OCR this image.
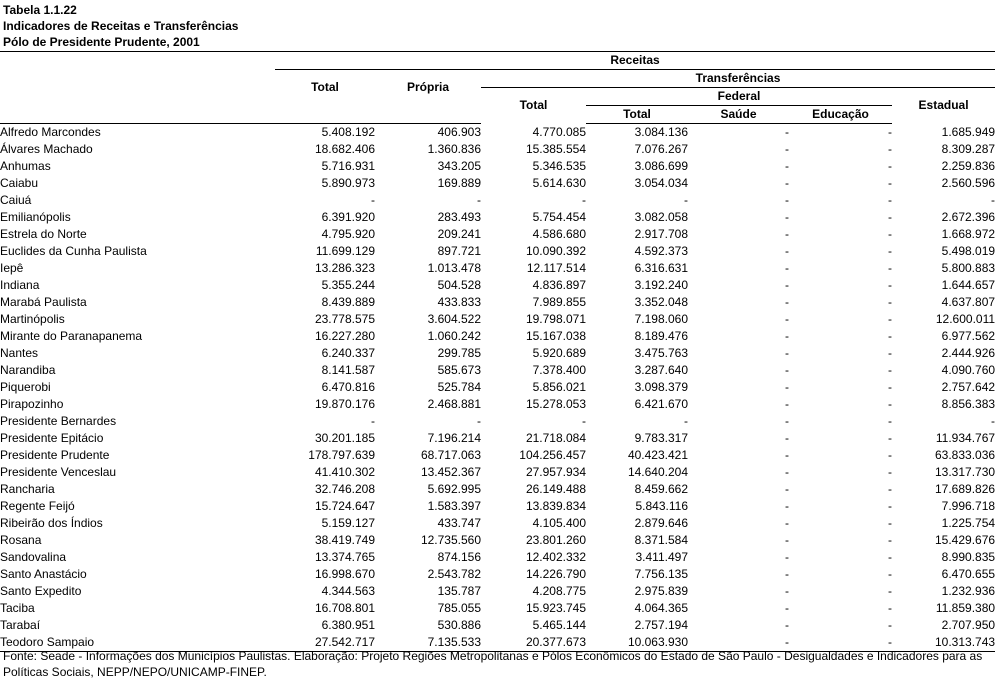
Tabela 1.1.22
Indicadores de Receitas e Transferências
Pólo de Presidente Prudente, 2001
	Receitas						
	Total	Própria	Transferências				
			Total	Federal			Estadual
				Total	Saúde	Educação	
Alfredo Marcondes	5.408.192	406.903	4.770.085	3.084.136	-	-	1.685.949
Álvares Machado	18.682.406	1.360.836	15.385.554	7.076.267	-	-	8.309.287
Anhumas	5.716.931	343.205	5.346.535	3.086.699	-	-	2.259.836
Caiabu	5.890.973	169.889	5.614.630	3.054.034	-	-	2.560.596
Caiuá	-	-	-	-	-	-	-
Emilianópolis	6.391.920	283.493	5.754.454	3.082.058	-	-	2.672.396
Estrela do Norte	4.795.920	209.241	4.586.680	2.917.708	-	-	1.668.972
Euclides da Cunha Paulista	11.699.129	897.721	10.090.392	4.592.373	-	-	5.498.019
Iepê	13.286.323	1.013.478	12.117.514	6.316.631	-	-	5.800.883
Indiana	5.355.244	504.528	4.836.897	3.192.240	-	-	1.644.657
Marabá Paulista	8.439.889	433.833	7.989.855	3.352.048	-	-	4.637.807
Martinópolis	23.778.575	3.604.522	19.798.071	7.198.060	-	-	12.600.011
Mirante do Paranapanema	16.227.280	1.060.242	15.167.038	8.189.476	-	-	6.977.562
Nantes	6.240.337	299.785	5.920.689	3.475.763	-	-	2.444.926
Narandiba	8.141.587	585.673	7.378.400	3.287.640	-	-	4.090.760
Piquerobi	6.470.816	525.784	5.856.021	3.098.379	-	-	2.757.642
Pirapozinho	19.870.176	2.468.881	15.278.053	6.421.670	-	-	8.856.383
Presidente Bernardes	-	-	-	-	-	-	-
Presidente Epitácio	30.201.185	7.196.214	21.718.084	9.783.317	-	-	11.934.767
Presidente Prudente	178.797.639	68.717.063	104.256.457	40.423.421	-	-	63.833.036
Presidente Venceslau	41.410.302	13.452.367	27.957.934	14.640.204	-	-	13.317.730
Rancharia	32.746.208	5.692.995	26.149.488	8.459.662	-	-	17.689.826
Regente Feijó	15.724.647	1.583.397	13.839.834	5.843.116	-	-	7.996.718
Ribeirão dos Índios	5.159.127	433.747	4.105.400	2.879.646	-	-	1.225.754
Rosana	38.419.749	12.735.560	23.801.260	8.371.584	-	-	15.429.676
Sandovalina	13.374.765	874.156	12.402.332	3.411.497	-	-	8.990.835
Santo Anastácio	16.998.670	2.543.782	14.226.790	7.756.135	-	-	6.470.655
Santo Expedito	4.344.563	135.787	4.208.775	2.975.839	-	-	1.232.936
Taciba	16.708.801	785.055	15.923.745	4.064.365	-	-	11.859.380
Tarabaí	6.380.951	530.886	5.465.144	2.757.194	-	-	2.707.950
Teodoro Sampaio	27.542.717	7.135.533	20.377.673	10.063.930	-	-	10.313.743
Fonte: Seade - Informações dos Municípios Paulistas. Elaboração: Projeto Regiões Metropolitanas e Pólos Econômicos do Estado de São Paulo - Desigualdades e Indicadores para as Políticas Sociais, NEPP/NEPO/UNICAMP-FINEP.
